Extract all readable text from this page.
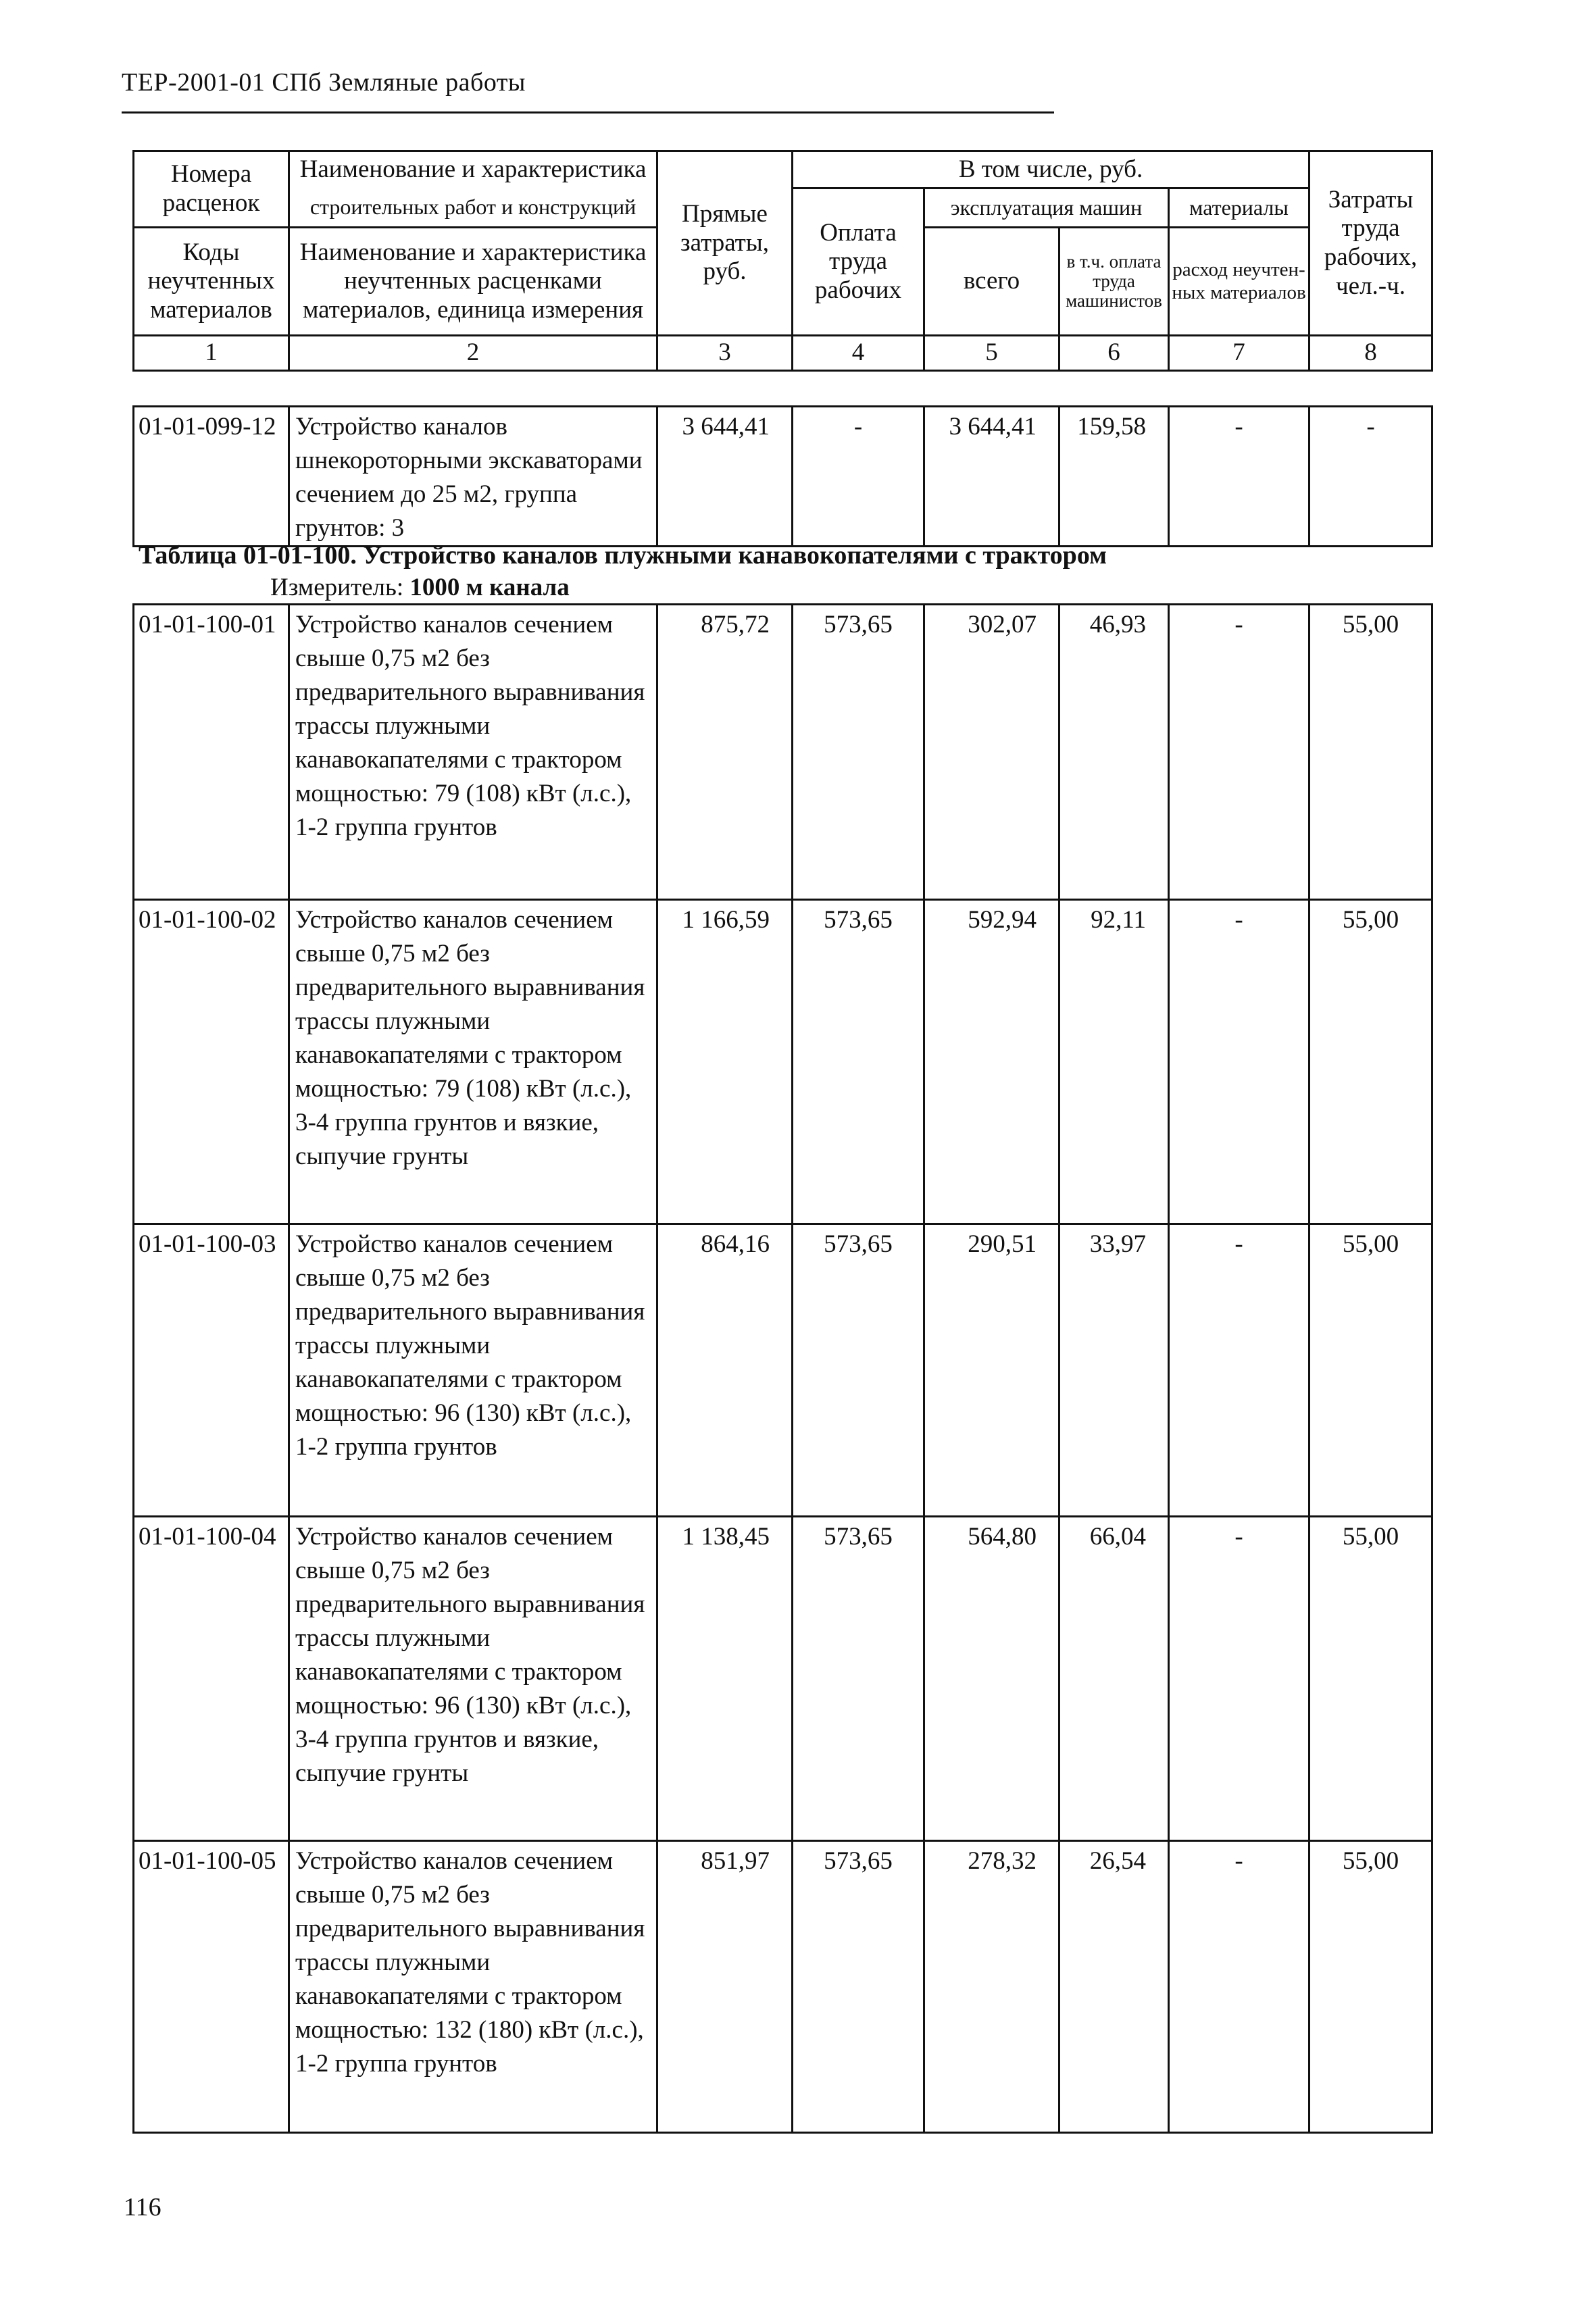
ТЕР-2001-01 СПб Земляные работы
Номера расценок	Наименование и характеристика	Прямые затраты, руб.	В том числе, руб.				Затраты труда рабочих, чел.-ч.
	строительных работ и конструкций		Оплата труда рабочих	эксплуатация машин		материалы	
Коды неучтенных материалов	Наименование и характеристика неучтенных расценками материалов, единица измерения			всего	в т.ч. оплата труда машинистов	расход неучтен-ных материалов	

1	2	3	4	5	6	7	8
01-01-099-12	Устройство каналов шнекороторными экскаваторами сечением до 25 м2, группа грунтов: 3	3 644,41	-	3 644,41	159,58	-	-
Таблица 01-01-100. Устройство каналов плужными канавокопателями с трактором
Измеритель: 1000 м канала
01-01-100-01	Устройство каналов сечением свыше 0,75 м2 без предварительного выравнивания трассы плужными канавокапателями с трактором мощностью: 79 (108) кВт (л.с.), 1-2 группа грунтов	875,72	573,65	302,07	46,93	-	55,00
01-01-100-02	Устройство каналов сечением свыше 0,75 м2 без предварительного выравнивания трассы плужными канавокапателями с трактором мощностью: 79 (108) кВт (л.с.), 3-4 группа грунтов и вязкие, сыпучие грунты	1 166,59	573,65	592,94	92,11	-	55,00
01-01-100-03	Устройство каналов сечением свыше 0,75 м2 без предварительного выравнивания трассы плужными канавокапателями с трактором мощностью: 96 (130) кВт (л.с.), 1-2 группа грунтов	864,16	573,65	290,51	33,97	-	55,00
01-01-100-04	Устройство каналов сечением свыше 0,75 м2 без предварительного выравнивания трассы плужными канавокапателями с трактором мощностью: 96 (130) кВт (л.с.), 3-4 группа грунтов и вязкие, сыпучие грунты	1 138,45	573,65	564,80	66,04	-	55,00
01-01-100-05	Устройство каналов сечением свыше 0,75 м2 без предварительного выравнивания трассы плужными канавокапателями с трактором мощностью: 132 (180) кВт (л.с.), 1-2 группа грунтов	851,97	573,65	278,32	26,54	-	55,00
116
